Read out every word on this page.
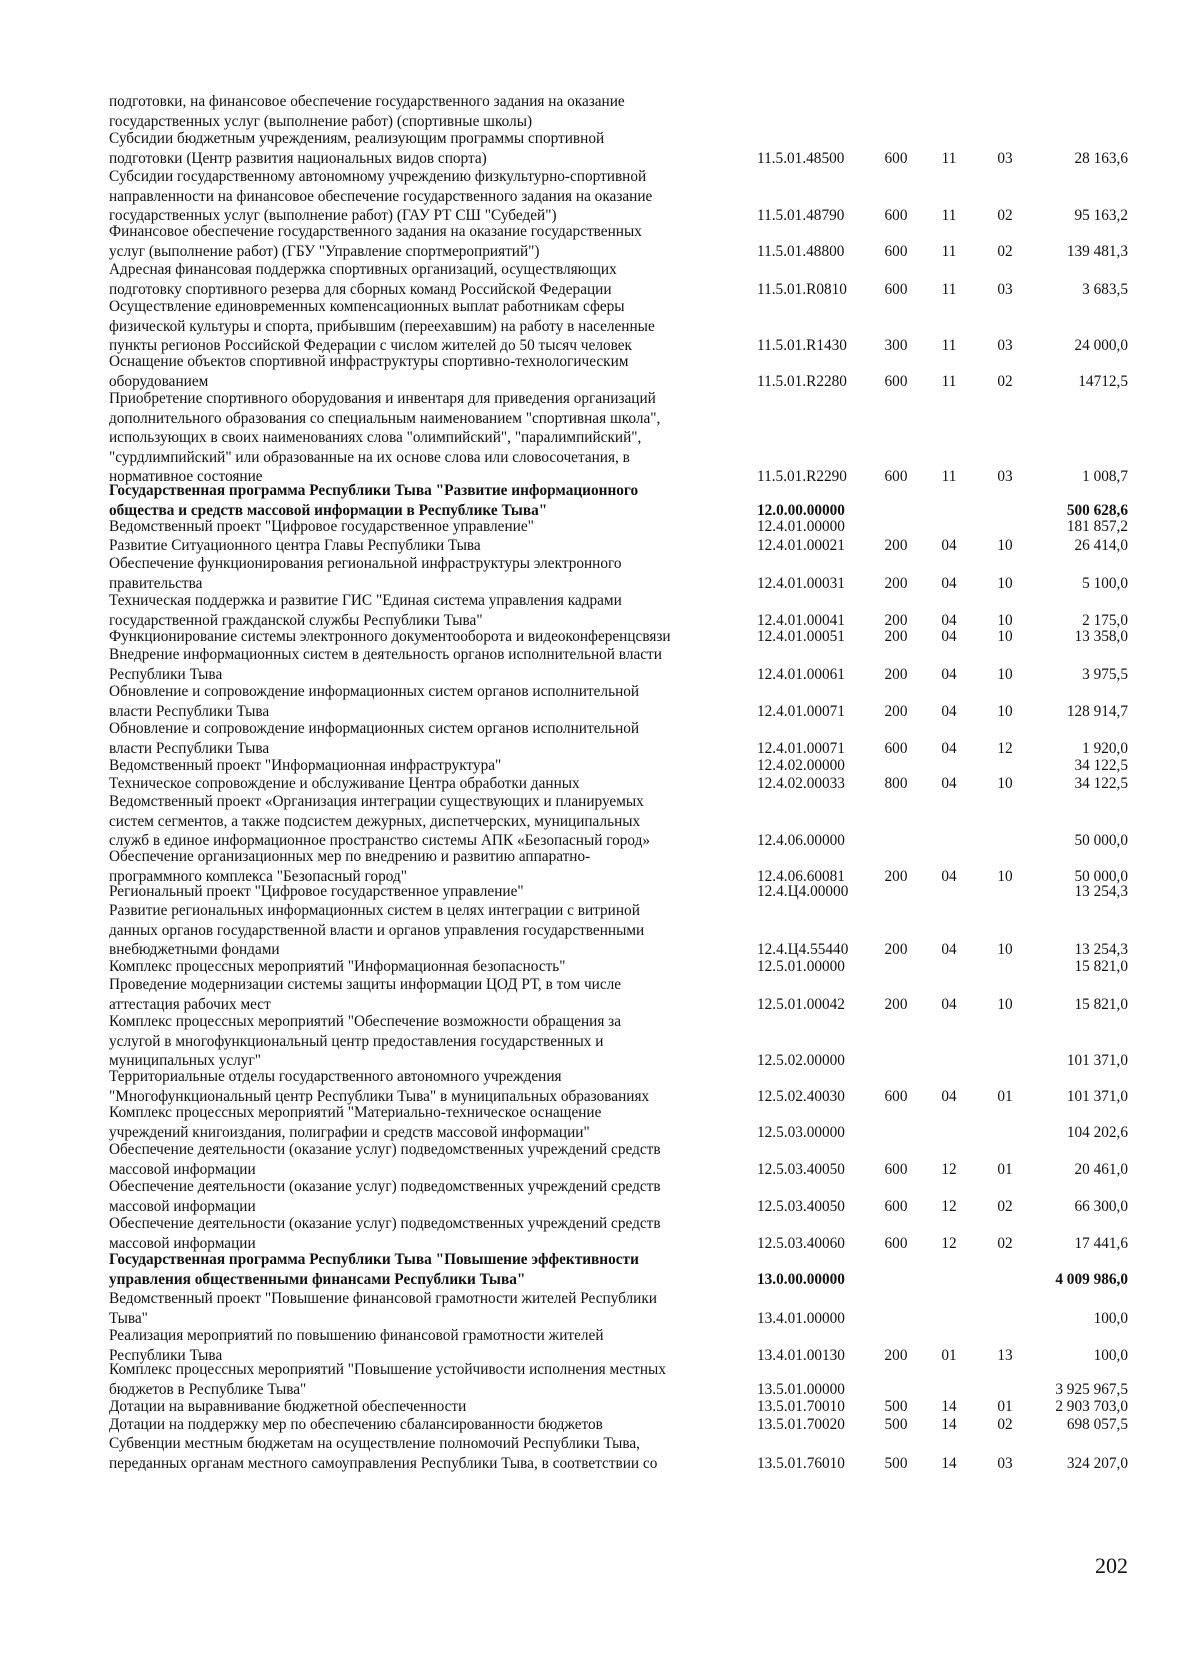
подготовки, на финансовое обеспечение государственного задания на оказание
государственных услуг (выполнение работ) (спортивные школы)
Субсидии бюджетным учреждениям, реализующим программы спортивной
подготовки (Центр развития национальных видов спорта)	11.5.01.48500	600	11	03	28 163,6
Субсидии государственному автономному учреждению физкультурно-спортивной
направленности на финансовое обеспечение государственного задания на оказание
государственных услуг (выполнение работ) (ГАУ РТ СШ "Субедей")	11.5.01.48790	600	11	02	95 163,2
Финансовое обеспечение государственного задания на оказание государственных
услуг (выполнение работ) (ГБУ "Управление спортмероприятий")	11.5.01.48800	600	11	02	139 481,3
Адресная финансовая поддержка спортивных организаций, осуществляющих
подготовку спортивного резерва для сборных команд Российской Федерации	11.5.01.R0810	600	11	03	3 683,5
Осуществление единовременных компенсационных выплат работникам сферы
физической культуры и спорта, прибывшим (переехавшим) на работу в населенные
пункты регионов Российской Федерации с числом жителей до 50 тысяч человек	11.5.01.R1430	300	11	03	24 000,0
Оснащение объектов спортивной инфраструктуры спортивно-технологическим
оборудованием	11.5.01.R2280	600	11	02	14712,5
Приобретение спортивного оборудования и инвентаря для приведения организаций
дополнительного образования со специальным наименованием "спортивная школа",
использующих в своих наименованиях слова "олимпийский", "паралимпийский",
"сурдлимпийский" или образованные на их основе слова или словосочетания, в
нормативное состояние	11.5.01.R2290	600	11	03	1 008,7
Государственная программа Республики Тыва "Развитие информационного
общества и средств массовой информации в Республике Тыва"	12.0.00.00000	500 628,6
Ведомственный проект "Цифровое государственное управление"	12.4.01.00000	181 857,2
Развитие Ситуационного центра Главы Республики Тыва	12.4.01.00021	200	04	10	26 414,0
Обеспечение функционирования региональной инфраструктуры электронного
правительства	12.4.01.00031	200	04	10	5 100,0
Техническая поддержка и развитие ГИС "Единая система управления кадрами
государственной гражданской службы Республики Тыва"	12.4.01.00041	200	04	10	2 175,0
Функционирование системы электронного документооборота и видеоконференцсвязи	12.4.01.00051	200	04	10	13 358,0
Внедрение информационных систем в деятельность органов исполнительной власти
Республики Тыва	12.4.01.00061	200	04	10	3 975,5
Обновление и сопровождение информационных систем органов исполнительной
власти Республики Тыва	12.4.01.00071	200	04	10	128 914,7
Обновление и сопровождение информационных систем органов исполнительной
власти Республики Тыва	12.4.01.00071	600	04	12	1 920,0
Ведомственный проект "Информационная инфраструктура"	12.4.02.00000	34 122,5
Техническое сопровождение и обслуживание Центра обработки данных	12.4.02.00033	800	04	10	34 122,5
Ведомственный проект «Организация интеграции существующих и планируемых
систем сегментов, а также подсистем дежурных, диспетчерских, муниципальных
служб в единое информационное пространство системы АПК «Безопасный город»	12.4.06.00000	50 000,0
Обеспечение организационных мер по внедрению и развитию аппаратно-
программного комплекса "Безопасный город"	12.4.06.60081	200	04	10	50 000,0
Региональный проект "Цифровое государственное управление"	12.4.Ц4.00000	13 254,3
Развитие региональных информационных систем в целях интеграции с витриной
данных органов государственной власти и органов управления государственными
внебюджетными фондами	12.4.Ц4.55440	200	04	10	13 254,3
Комплекс процессных мероприятий "Информационная безопасность"	12.5.01.00000	15 821,0
Проведение модернизации системы защиты информации ЦОД РТ, в том числе
аттестация рабочих мест	12.5.01.00042	200	04	10	15 821,0
Комплекс процессных мероприятий "Обеспечение возможности обращения за
услугой в многофункциональный центр предоставления государственных и
муниципальных услуг"	12.5.02.00000	101 371,0
Территориальные отделы государственного автономного учреждения
"Многофункциональный центр Республики Тыва" в муниципальных образованиях	12.5.02.40030	600	04	01	101 371,0
Комплекс процессных мероприятий "Материально-техническое оснащение
учреждений книгоиздания, полиграфии и средств массовой информации"	12.5.03.00000	104 202,6
Обеспечение деятельности (оказание услуг) подведомственных учреждений средств
массовой информации	12.5.03.40050	600	12	01	20 461,0
Обеспечение деятельности (оказание услуг) подведомственных учреждений средств
массовой информации	12.5.03.40050	600	12	02	66 300,0
Обеспечение деятельности (оказание услуг) подведомственных учреждений средств
массовой информации	12.5.03.40060	600	12	02	17 441,6
Государственная программа Республики Тыва "Повышение эффективности
управления общественными финансами Республики Тыва"	13.0.00.00000	4 009 986,0
Ведомственный проект "Повышение финансовой грамотности жителей Республики
Тыва"	13.4.01.00000	100,0
Реализация мероприятий по повышению финансовой грамотности жителей
Республики Тыва	13.4.01.00130	200	01	13	100,0
Комплекс процессных мероприятий "Повышение устойчивости исполнения местных
бюджетов в Республике Тыва"	13.5.01.00000	3 925 967,5
Дотации на выравнивание бюджетной обеспеченности	13.5.01.70010	500	14	01	2 903 703,0
Дотации на поддержку мер по обеспечению сбалансированности бюджетов	13.5.01.70020	500	14	02	698 057,5
Субвенции местным бюджетам на осуществление полномочий Республики Тыва,
переданных органам местного самоуправления Республики Тыва, в соответствии со	13.5.01.76010	500	14	03	324 207,0
202
